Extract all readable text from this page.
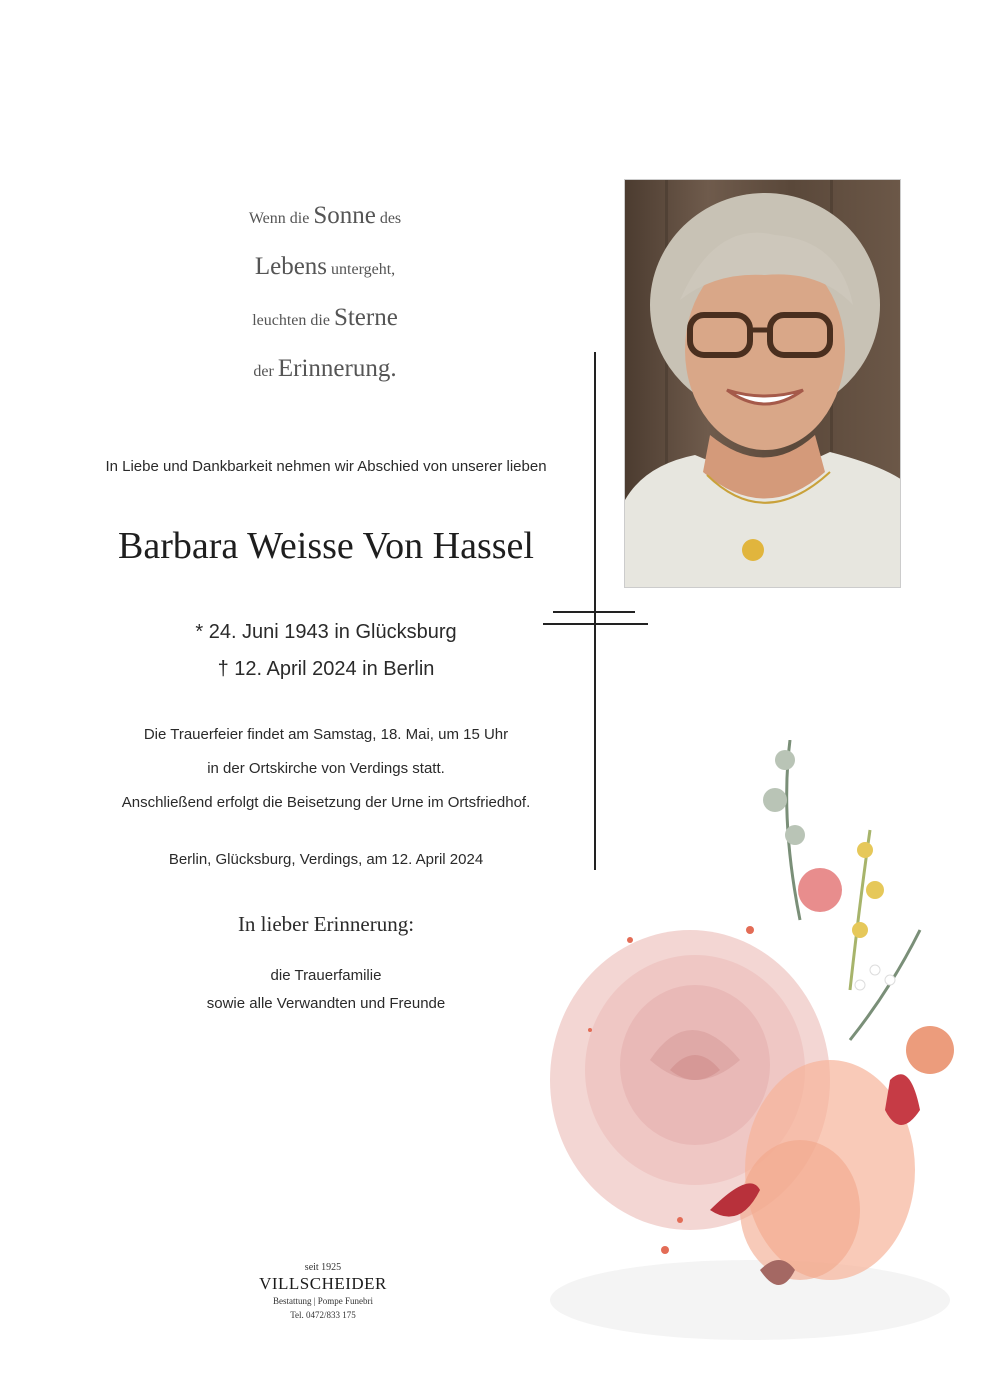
Wenn die Sonne des
Lebens untergeht,
leuchten die Sterne
der Erinnerung.
In Liebe und Dankbarkeit nehmen wir Abschied von unserer lieben
Barbara Weisse Von Hassel
* 24. Juni 1943 in Glücksburg
† 12. April 2024 in Berlin
Die Trauerfeier findet am Samstag, 18. Mai, um 15 Uhr
in der Ortskirche von Verdings statt.
Anschließend erfolgt die Beisetzung der Urne im Ortsfriedhof.
Berlin, Glücksburg, Verdings, am 12. April 2024
In lieber Erinnerung:
die Trauerfamilie
sowie alle Verwandten und Freunde
seit 1925
VILLSCHEIDER
Bestattung | Pompe Funebri
Tel. 0472/833 175
